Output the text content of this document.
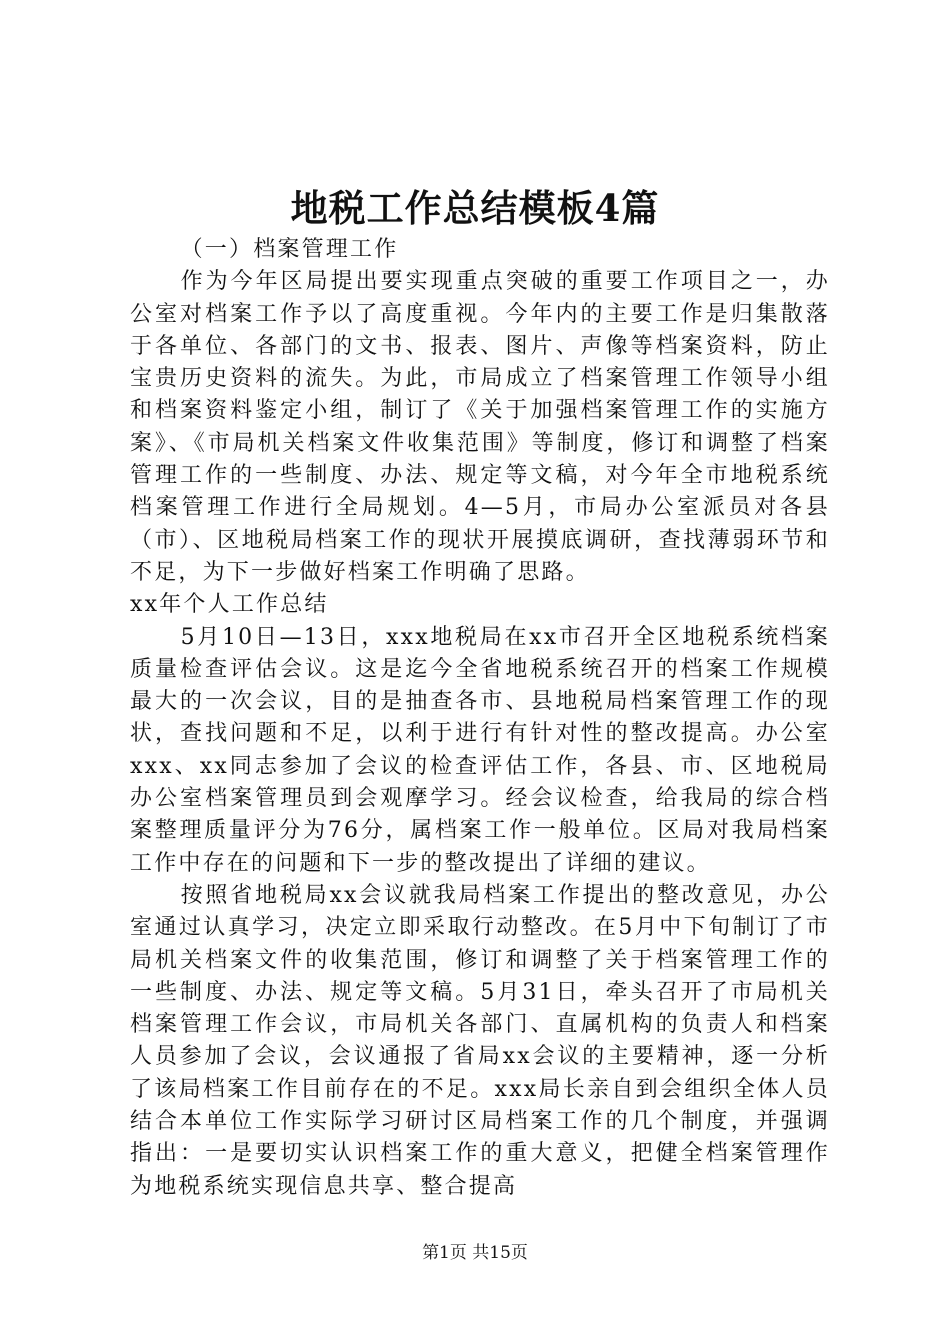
地税工作总结模板4篇

（一）档案管理工作

作为今年区局提出要实现重点突破的重要工作项目之一，办公室对档案工作予以了高度重视。今年内的主要工作是归集散落于各单位、各部门的文书、报表、图片、声像等档案资料，防止宝贵历史资料的流失。为此，市局成立了档案管理工作领导小组和档案资料鉴定小组，制订了《关于加强档案管理工作的实施方案》、《市局机关档案文件收集范围》等制度，修订和调整了档案管理工作的一些制度、办法、规定等文稿，对今年全市地税系统档案管理工作进行全局规划。4—5月，市局办公室派员对各县（市）、区地税局档案工作的现状开展摸底调研，查找薄弱环节和不足，为下一步做好档案工作明确了思路。

xx年个人工作总结

5月10日—13日，xxx地税局在xx市召开全区地税系统档案质量检查评估会议。这是迄今全省地税系统召开的档案工作规模最大的一次会议，目的是抽查各市、县地税局档案管理工作的现状，查找问题和不足，以利于进行有针对性的整改提高。办公室xxx、xx同志参加了会议的检查评估工作，各县、市、区地税局办公室档案管理员到会观摩学习。经会议检查，给我局的综合档案整理质量评分为76分，属档案工作一般单位。区局对我局档案工作中存在的问题和下一步的整改提出了详细的建议。

按照省地税局xx会议就我局档案工作提出的整改意见，办公室通过认真学习，决定立即采取行动整改。在5月中下旬制订了市局机关档案文件的收集范围，修订和调整了关于档案管理工作的一些制度、办法、规定等文稿。5月31日，牵头召开了市局机关档案管理工作会议，市局机关各部门、直属机构的负责人和档案人员参加了会议，会议通报了省局xx会议的主要精神，逐一分析了该局档案工作目前存在的不足。xxx局长亲自到会组织全体人员结合本单位工作实际学习研讨区局档案工作的几个制度，并强调指出：一是要切实认识档案工作的重大意义，把健全档案管理作为地税系统实现信息共享、整合提高

第1页 共15页
